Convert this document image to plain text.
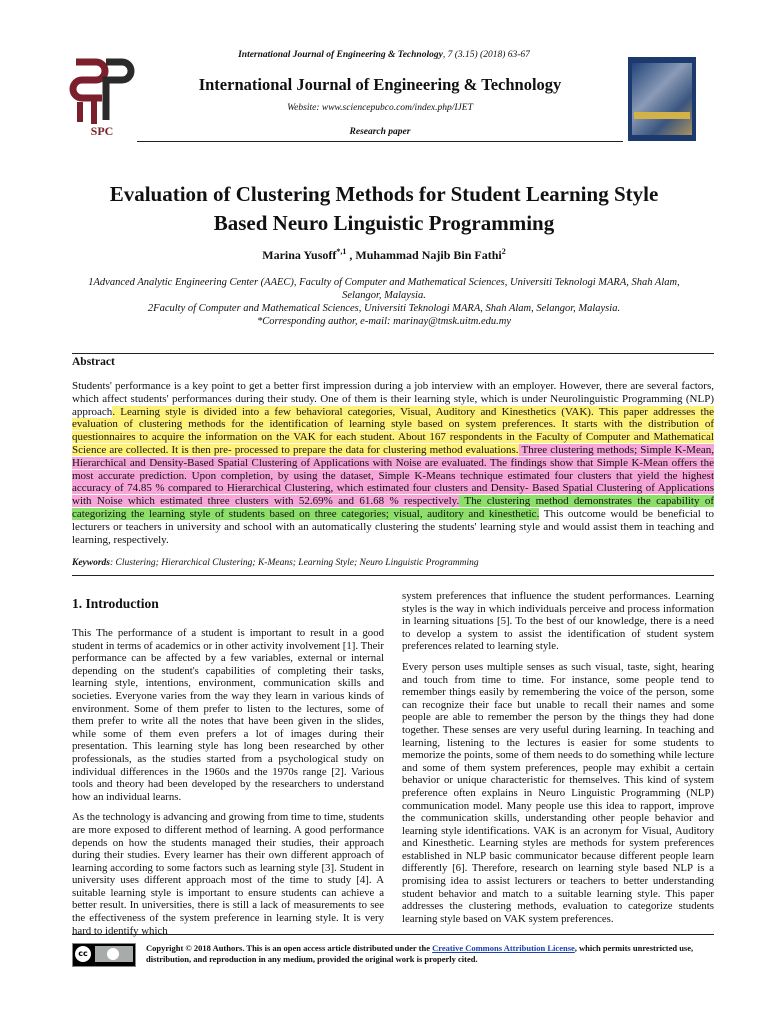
International Journal of Engineering & Technology, 7 (3.15) (2018) 63-67
SPC
International Journal of Engineering & Technology
Website: www.sciencepubco.com/index.php/IJET
Research paper
Evaluation of Clustering Methods for Student Learning Style
Based Neuro Linguistic Programming
Marina Yusoff$^{*,1}$ , Muhammad Najib Bin Fathi$^2$
1Advanced Analytic Engineering Center (AAEC), Faculty of Computer and Mathematical Sciences, Universiti Teknologi MARA, Shah Alam, Selangor, Malaysia.
2Faculty of Computer and Mathematical Sciences, Universiti Teknologi MARA, Shah Alam, Selangor, Malaysia.
*Corresponding author, e-mail: marinay@tmsk.uitm.edu.my
Abstract
Students' performance is a key point to get a better first impression during a job interview with an employer. However, there are several factors, which affect students' performances during their study. One of them is their learning style, which is under Neurolinguistic Programming (NLP) approach. Learning style is divided into a few behavioral categories, Visual, Auditory and Kinesthetics (VAK). This paper addresses the evaluation of clustering methods for the identification of learning style based on system preferences. It starts with the distribution of questionnaires to acquire the information on the VAK for each student. About 167 respondents in the Faculty of Computer and Mathematical Science are collected. It is then pre- processed to prepare the data for clustering method evaluations. Three clustering methods; Simple K-Mean, Hierarchical and Density-Based Spatial Clustering of Applications with Noise are evaluated. The findings show that Simple K-Mean offers the most accurate prediction. Upon completion, by using the dataset, Simple K-Means technique estimated four clusters that yield the highest accuracy of 74.85 % compared to Hierarchical Clustering, which estimated four clusters and Density- Based Spatial Clustering of Applications with Noise which estimated three clusters with 52.69% and 61.68 % respectively. The clustering method demonstrates the capability of categorizing the learning style of students based on three categories; visual, auditory and kinesthetic. This outcome would be beneficial to lecturers or teachers in university and school with an automatically clustering the students' learning style and would assist them in teaching and learning, respectively.
Keywords: Clustering; Hierarchical Clustering; K-Means; Learning Style; Neuro Linguistic Programming
1. Introduction

This The performance of a student is important to result in a good student in terms of academics or in other activity involvement [1]. Their performance can be affected by a few variables, external or internal depending on the student's capabilities of completing their tasks, learning style, intentions, environment, communication skills and societies. Everyone varies from the way they learn in various kinds of environment. Some of them prefer to listen to the lectures, some of them prefer to write all the notes that have been given in the slides, while some of them even prefers a lot of images during their presentation. This learning style has long been researched by other professionals, as the studies started from a psychological study on individual differences in the 1960s and the 1970s range [2]. Various tools and theory had been developed by the researchers to understand how an individual learns.

As the technology is advancing and growing from time to time, students are more exposed to different method of learning. A good performance depends on how the students managed their studies, their approach during their studies. Every learner has their own different approach of learning according to some factors such as learning style [3]. Student in university uses different approach most of the time to study [4]. A suitable learning style is important to ensure students can achieve a better result. In universities, there is still a lack of measurements to see the effectiveness of the system preference in learning style. It is very hard to identify which

system preferences that influence the student performances. Learning styles is the way in which individuals perceive and process information in learning situations [5]. To the best of our knowledge, there is a need to develop a system to assist the identification of student system preferences related to learning style.

Every person uses multiple senses as such visual, taste, sight, hearing and touch from time to time. For instance, some people tend to remember things easily by remembering the voice of the person, some can recognize their face but unable to recall their names and some people are able to remember the person by the things they had done together. These senses are very useful during learning. In teaching and learning, listening to the lectures is easier for some students to memorize the points, some of them needs to do something while lecture and some of them system preferences, people may exhibit a certain behavior or unique characteristic for themselves. This kind of system preference often explains in Neuro Linguistic Programming (NLP) communication model. Many people use this idea to rapport, improve the communication skills, understanding other people behavior and learning style identifications. VAK is an acronym for Visual, Auditory and Kinesthetic. Learning styles are methods for system preferences established in NLP basic communicator because different people learn differently [6]. Therefore, research on learning style based NLP is a promising idea to assist lecturers or teachers to better understanding student behavior and match to a suitable learning style. This paper addresses the clustering methods, evaluation to categorize students learning style based on VAK system preferences.

cc
Copyright © 2018 Authors. This is an open access article distributed under the Creative Commons Attribution License, which permits unrestricted use, distribution, and reproduction in any medium, provided the original work is properly cited.
